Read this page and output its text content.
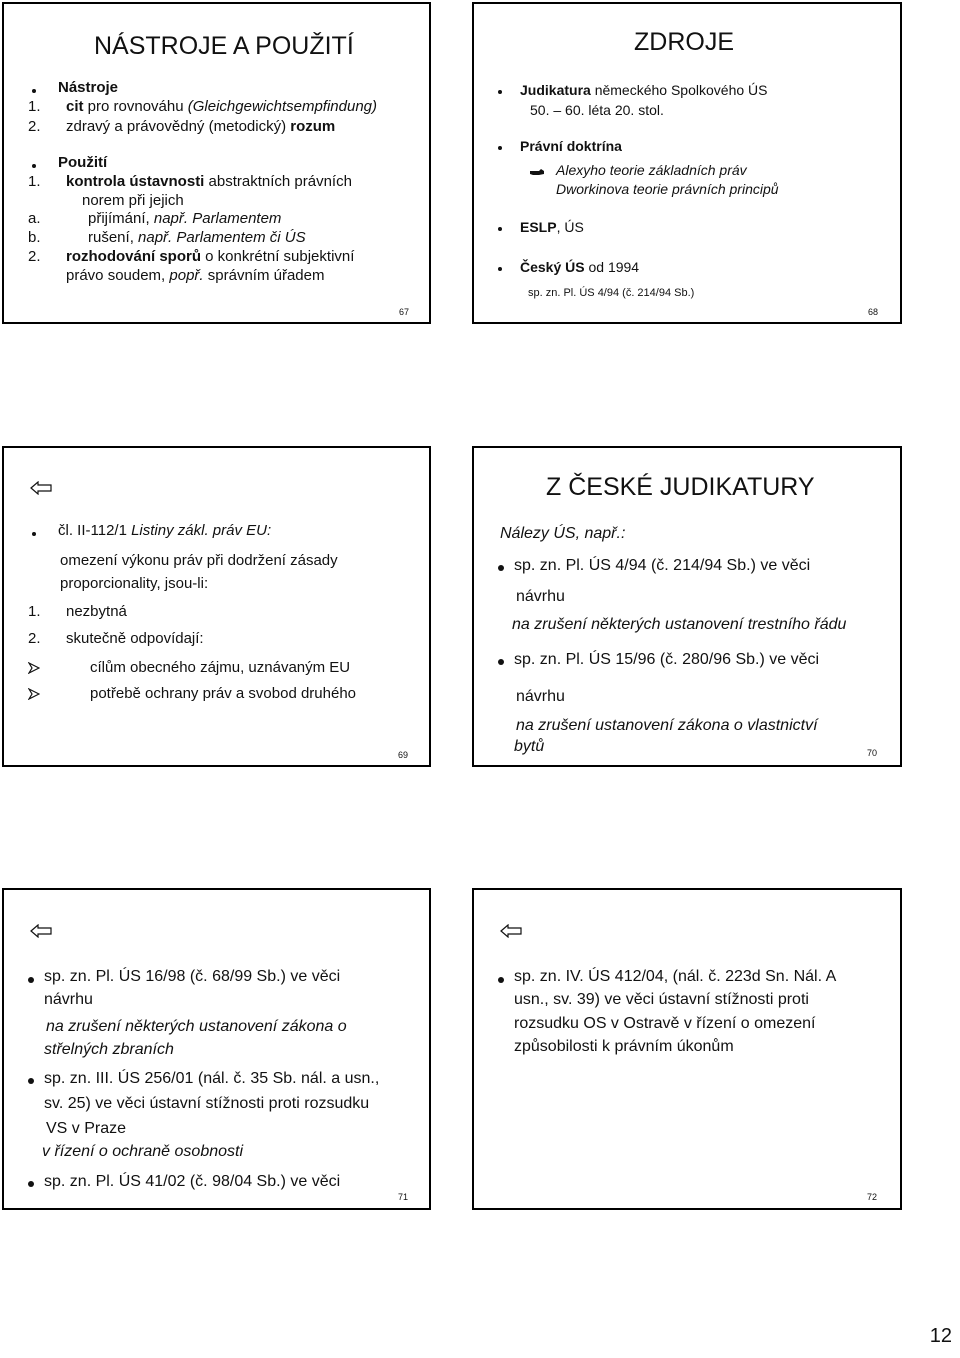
NÁSTROJE A POUŽITÍ
Nástroje
1. cit pro rovnováhu (Gleichgewichtsempfindung)
2. zdravý a právovědný (metodický) rozum
Použití
1. kontrola ústavnosti abstraktních právních
norem při jejich
a.	přijímání, např. Parlamentem
b.	rušení, např. Parlamentem či ÚS
2. rozhodování sporů o konkrétní subjektivní
právo soudem, popř. správním úřadem
67
ZDROJE
Judikatura německého Spolkového ÚS
50. – 60. léta 20. stol.
Právní doktrína
Alexyho teorie základních práv
Dworkinova teorie právních principů
ESLP, ÚS
Český ÚS od 1994
sp. zn. Pl. ÚS 4/94 (č. 214/94 Sb.)
68
čl. II-112/1 Listiny zákl. práv EU:
omezení výkonu práv při dodržení zásady
proporcionality, jsou-li:
1. nezbytná
2. skutečně odpovídají:
cílům obecného zájmu, uznávaným EU
potřebě ochrany práv a svobod druhého
69
Z ČESKÉ JUDIKATURY
Nálezy ÚS, např.:
sp. zn. Pl. ÚS 4/94 (č. 214/94 Sb.) ve věci
návrhu
na zrušení některých ustanovení trestního řádu
sp. zn. Pl. ÚS 15/96 (č. 280/96 Sb.) ve věci
návrhu
na zrušení ustanovení zákona o vlastnictví
bytů	70
sp. zn. Pl. ÚS 16/98 (č. 68/99 Sb.) ve věci
návrhu
na zrušení některých ustanovení zákona o
střelných zbraních
sp. zn. III. ÚS 256/01 (nál. č. 35 Sb. nál. a usn.,
sv. 25) ve věci ústavní stížnosti proti rozsudku
VS v Praze
v řízení o ochraně osobnosti
sp. zn. Pl. ÚS 41/02 (č. 98/04 Sb.) ve věci
71
sp. zn. IV. ÚS 412/04, (nál. č. 223d Sn. Nál. A
usn., sv. 39) ve věci ústavní stížnosti proti
rozsudku OS v Ostravě v řízení o omezení
způsobilosti k právním úkonům
72
12
